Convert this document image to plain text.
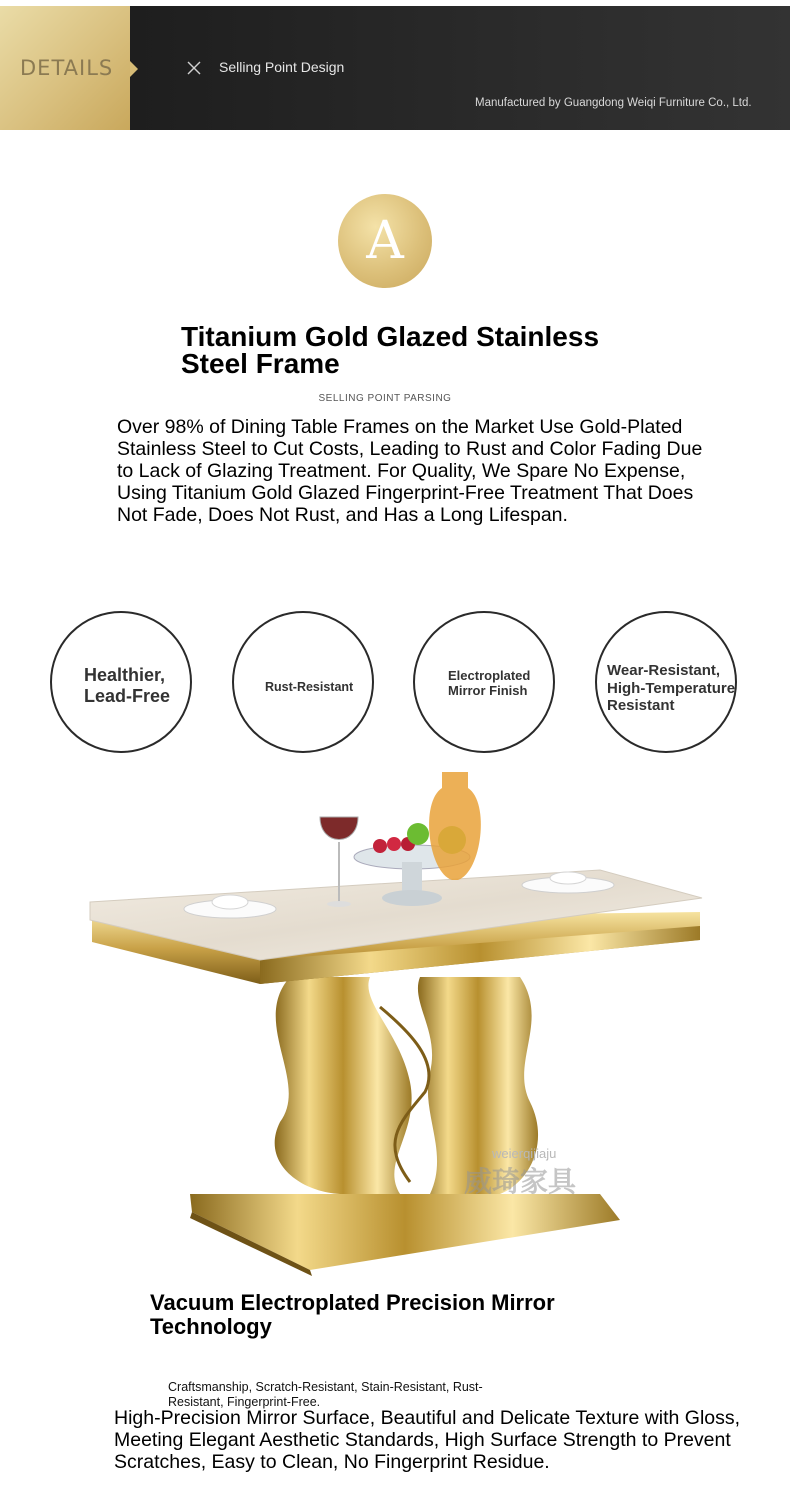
DETAILS	Selling Point Design
Manufactured by Guangdong Weiqi Furniture Co., Ltd.
A
Titanium Gold Glazed Stainless Steel Frame
SELLING POINT PARSING
Over 98% of Dining Table Frames on the Market Use Gold-Plated Stainless Steel to Cut Costs, Leading to Rust and Color Fading Due to Lack of Glazing Treatment. For Quality, We Spare No Expense, Using Titanium Gold Glazed Fingerprint-Free Treatment That Does Not Fade, Does Not Rust, and Has a Long Lifespan.
Healthier, Lead-Free	Rust-Resistant
Electroplated Mirror Finish
Wear-Resistant, High-Temperature Resistant
weierqijiaju
威琦家具
Vacuum Electroplated Precision Mirror Technology
Craftsmanship, Scratch-Resistant, Stain-Resistant, Rust-Resistant, Fingerprint-Free.
High-Precision Mirror Surface, Beautiful and Delicate Texture with Gloss, Meeting Elegant Aesthetic Standards, High Surface Strength to Prevent Scratches, Easy to Clean, No Fingerprint Residue.
